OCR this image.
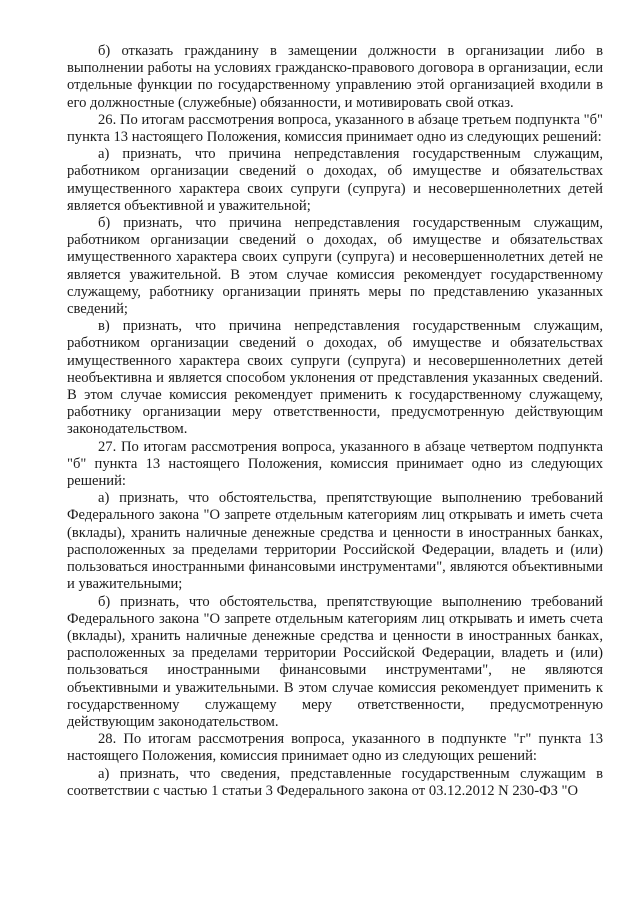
б) отказать гражданину в замещении должности в организации либо в выполнении работы на условиях гражданско-правового договора в организации, если отдельные функции по государственному управлению этой организацией входили в его должностные (служебные) обязанности, и мотивировать свой отказ.

26. По итогам рассмотрения вопроса, указанного в абзаце третьем подпункта "б" пункта 13 настоящего Положения, комиссия принимает одно из следующих решений:

а) признать, что причина непредставления государственным служащим, работником организации сведений о доходах, об имуществе и обязательствах имущественного характера своих супруги (супруга) и несовершеннолетних детей является объективной и уважительной;

б) признать, что причина непредставления государственным служащим, работником организации сведений о доходах, об имуществе и обязательствах имущественного характера своих супруги (супруга) и несовершеннолетних детей не является уважительной. В этом случае комиссия рекомендует государственному служащему, работнику организации принять меры по представлению указанных сведений;

в) признать, что причина непредставления государственным служащим, работником организации сведений о доходах, об имуществе и обязательствах имущественного характера своих супруги (супруга) и несовершеннолетних детей необъективна и является способом уклонения от представления указанных сведений. В этом случае комиссия рекомендует применить к государственному служащему, работнику организации меру ответственности, предусмотренную действующим законодательством.

27. По итогам рассмотрения вопроса, указанного в абзаце четвертом подпункта "б" пункта 13 настоящего Положения, комиссия принимает одно из следующих решений:

а) признать, что обстоятельства, препятствующие выполнению требований Федерального закона "О запрете отдельным категориям лиц открывать и иметь счета (вклады), хранить наличные денежные средства и ценности в иностранных банках, расположенных за пределами территории Российской Федерации, владеть и (или) пользоваться иностранными финансовыми инструментами", являются объективными и уважительными;

б) признать, что обстоятельства, препятствующие выполнению требований Федерального закона "О запрете отдельным категориям лиц открывать и иметь счета (вклады), хранить наличные денежные средства и ценности в иностранных банках, расположенных за пределами территории Российской Федерации, владеть и (или) пользоваться иностранными финансовыми инструментами", не являются объективными и уважительными. В этом случае комиссия рекомендует применить к государственному служащему меру ответственности, предусмотренную действующим законодательством.

28. По итогам рассмотрения вопроса, указанного в подпункте "г" пункта 13 настоящего Положения, комиссия принимает одно из следующих решений:

а) признать, что сведения, представленные государственным служащим в соответствии с частью 1 статьи 3 Федерального закона от 03.12.2012 N 230-ФЗ "О
